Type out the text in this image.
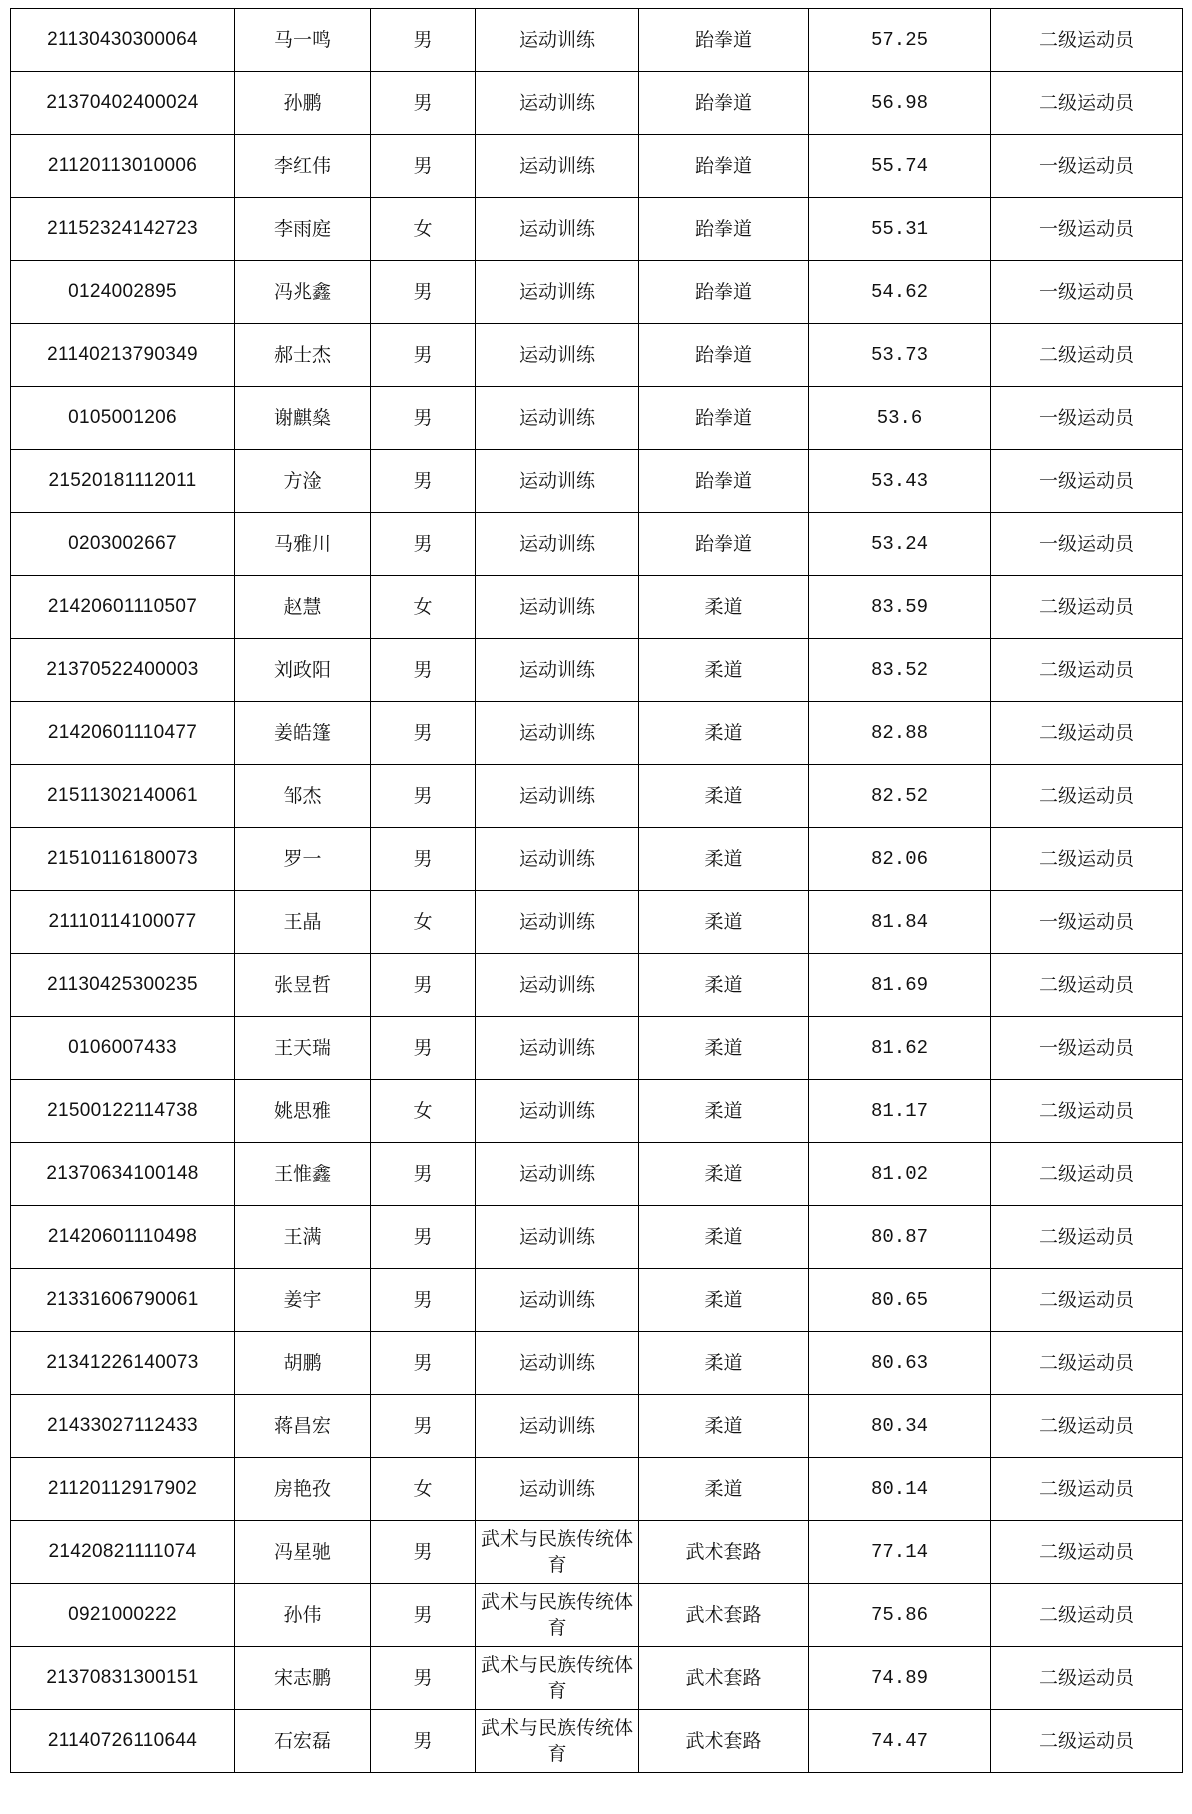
21130430300064	马一鸣	男	运动训练	跆拳道	57.25	二级运动员
21370402400024	孙鹏	男	运动训练	跆拳道	56.98	二级运动员
21120113010006	李红伟	男	运动训练	跆拳道	55.74	一级运动员
21152324142723	李雨庭	女	运动训练	跆拳道	55.31	一级运动员
0124002895	冯兆鑫	男	运动训练	跆拳道	54.62	一级运动员
21140213790349	郝士杰	男	运动训练	跆拳道	53.73	二级运动员
0105001206	谢麒燊	男	运动训练	跆拳道	53.6	一级运动员
21520181112011	方淦	男	运动训练	跆拳道	53.43	一级运动员
0203002667	马雅川	男	运动训练	跆拳道	53.24	一级运动员
21420601110507	赵慧	女	运动训练	柔道	83.59	二级运动员
21370522400003	刘政阳	男	运动训练	柔道	83.52	二级运动员
21420601110477	姜皓篷	男	运动训练	柔道	82.88	二级运动员
21511302140061	邹杰	男	运动训练	柔道	82.52	二级运动员
21510116180073	罗一	男	运动训练	柔道	82.06	二级运动员
21110114100077	王晶	女	运动训练	柔道	81.84	一级运动员
21130425300235	张昱哲	男	运动训练	柔道	81.69	二级运动员
0106007433	王天瑞	男	运动训练	柔道	81.62	一级运动员
21500122114738	姚思雅	女	运动训练	柔道	81.17	二级运动员
21370634100148	王惟鑫	男	运动训练	柔道	81.02	二级运动员
21420601110498	王满	男	运动训练	柔道	80.87	二级运动员
21331606790061	姜宇	男	运动训练	柔道	80.65	二级运动员
21341226140073	胡鹏	男	运动训练	柔道	80.63	二级运动员
21433027112433	蒋昌宏	男	运动训练	柔道	80.34	二级运动员
21120112917902	房艳孜	女	运动训练	柔道	80.14	二级运动员
21420821111074	冯星驰	男	武术与民族传统体育	武术套路	77.14	二级运动员
0921000222	孙伟	男	武术与民族传统体育	武术套路	75.86	二级运动员
21370831300151	宋志鹏	男	武术与民族传统体育	武术套路	74.89	二级运动员
21140726110644	石宏磊	男	武术与民族传统体育	武术套路	74.47	二级运动员
